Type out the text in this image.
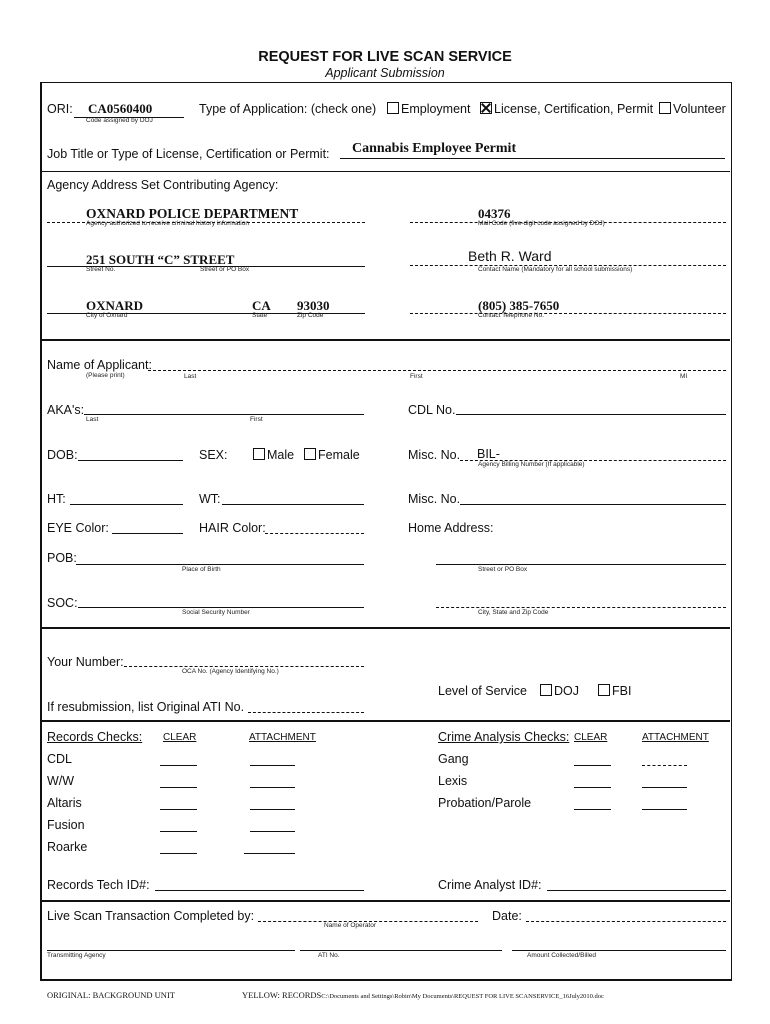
REQUEST FOR LIVE SCAN SERVICE
Applicant Submission
ORI: CA0560400
Code assigned by DOJ
Type of Application: (check one)	Employment	License, Certification, Permit	Volunteer
Job Title or Type of License, Certification or Permit: Cannabis Employee Permit
Agency Address Set Contributing Agency:
OXNARD POLICE DEPARTMENT
Agency authorized to receive criminal history information
04376
Mail Code (five-digit code assigned by DOJ)
251 SOUTH “C” STREET
Street No.	Street or PO Box
Beth R. Ward
Contact Name (Mandatory for all school submissions)
OXNARD	CA 93030
City of Oxnard	State	Zip Code
(805) 385-7650
Contact Telephone No.
Name of Applicant:
(Please print)	Last	First	MI
AKA's:
Last	First
CDL No.
DOB:	SEX:	Male	Female	Misc. No. BIL-
Agency Billing Number (If applicable)
HT:	WT:	Misc. No.
EYE Color:	HAIR Color:	Home Address:
POB:
Place of Birth	Street or PO Box
SOC:
Social Security Number	City, State and Zip Code
Your Number:
OCA No. (Agency Identifying No.)
Level of Service	DOJ	FBI
If resubmission, list Original ATI No.
Records Checks: CLEAR	ATTACHMENT
CDL
W/W
Altaris
Fusion
Roarke
Records Tech ID#:
Crime Analysis Checks: CLEAR	ATTACHMENT
Gang
Lexis
Probation/Parole
Crime Analyst ID#:
Live Scan Transaction Completed by:
Name of Operator
Date:
Transmitting Agency	ATI No.	Amount Collected/Billed
ORIGINAL: BACKGROUND UNIT	YELLOW: RECORDSC:\Documents and Settings\Robin\My Documents\REQUEST FOR LIVE SCANSERVICE_16July2010.doc
